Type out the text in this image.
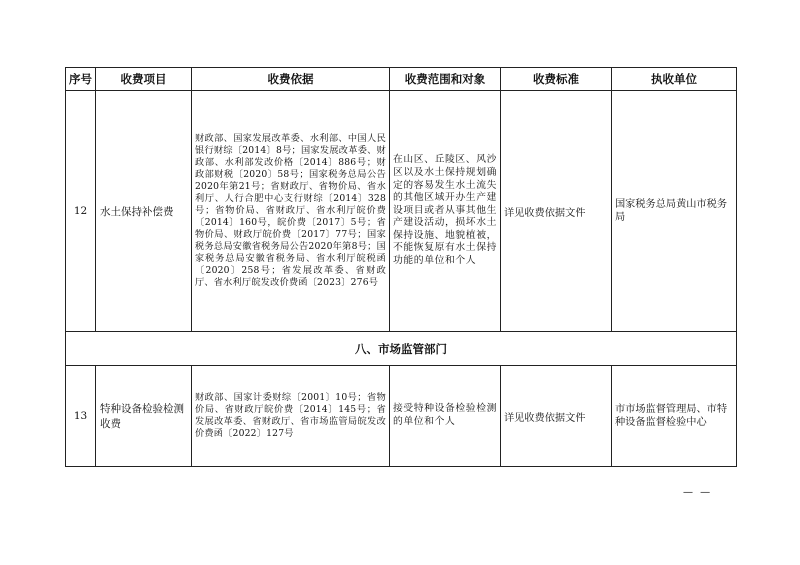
序号	收费项目	收费依据	收费范围和对象	收费标准	执收单位
12	水土保持补偿费	财政部、国家发展改革委、水利部、中国人民银行财综〔2014〕8号；国家发展改革委、财政部、水利部发改价格〔2014〕886号；财政部财税〔2020〕58号；国家税务总局公告2020年第21号；省财政厅、省物价局、省水利厅、人行合肥中心支行财综〔2014〕328号；省物价局、省财政厅、省水利厅皖价费〔2014〕160号，皖价费〔2017〕5号；省物价局、财政厅皖价费〔2017〕77号；国家税务总局安徽省税务局公告2020年第8号；国家税务总局安徽省税务局、省水利厅皖税函〔2020〕258号；省发展改革委、省财政厅、省水利厅皖发改价费函〔2023〕276号	在山区、丘陵区、风沙区以及水土保持规划确定的容易发生水土流失的其他区域开办生产建设项目或者从事其他生产建设活动，损坏水土保持设施、地貌植被，不能恢复原有水土保持功能的单位和个人	详见收费依据文件	国家税务总局黄山市税务局
八、市场监管部门					
13	特种设备检验检测收费	财政部、国家计委财综〔2001〕10号；省物价局、省财政厅皖价费〔2014〕145号；省发展改革委、省财政厅、省市场监管局皖发改价费函〔2022〕127号	接受特种设备检验检测的单位和个人	详见收费依据文件	市市场监督管理局、市特种设备监督检验中心
— —
